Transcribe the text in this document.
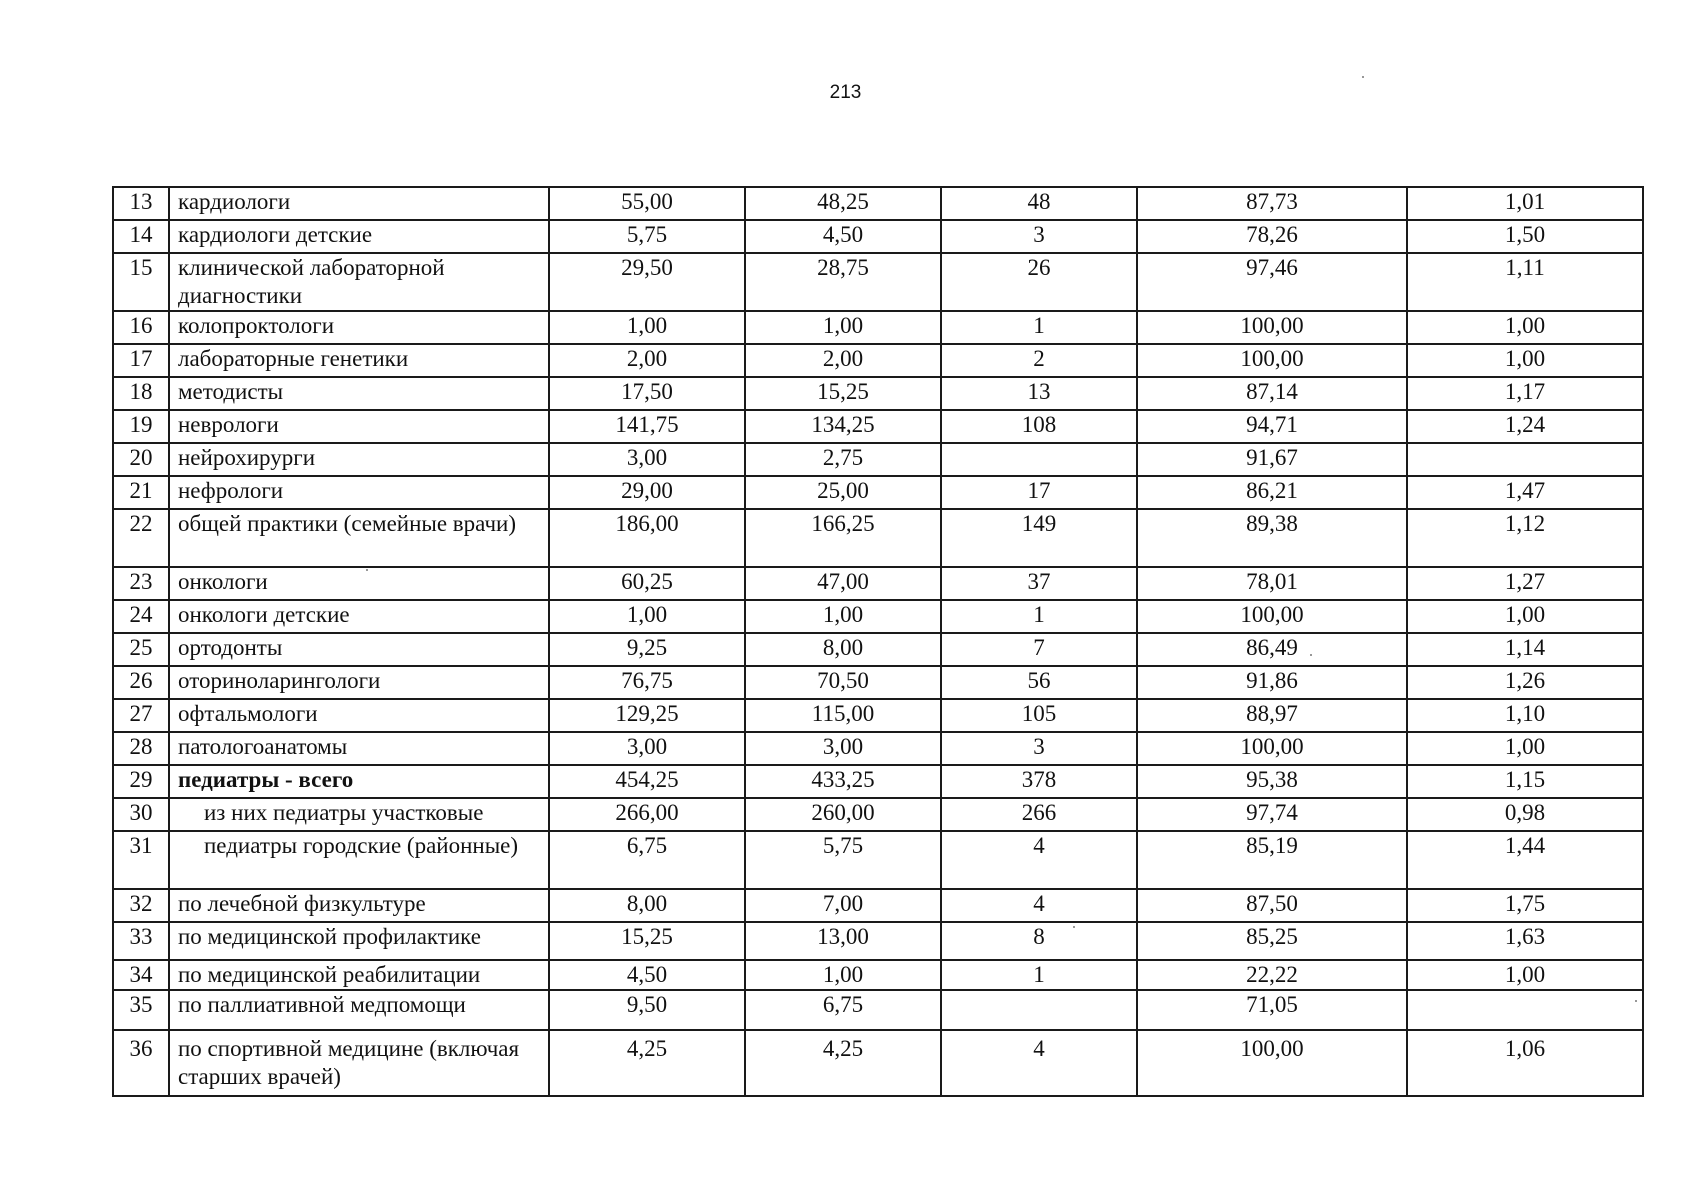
213
13	кардиологи	55,00	48,25	48	87,73	1,01
14	кардиологи детские	5,75	4,50	3	78,26	1,50
15	клинической лабораторной диагностики	29,50	28,75	26	97,46	1,11
16	колопроктологи	1,00	1,00	1	100,00	1,00
17	лабораторные генетики	2,00	2,00	2	100,00	1,00
18	методисты	17,50	15,25	13	87,14	1,17
19	неврологи	141,75	134,25	108	94,71	1,24
20	нейрохирурги	3,00	2,75		91,67	
21	нефрологи	29,00	25,00	17	86,21	1,47
22	общей практики (семейные врачи)	186,00	166,25	149	89,38	1,12
23	онкологи	60,25	47,00	37	78,01	1,27
24	онкологи детские	1,00	1,00	1	100,00	1,00
25	ортодонты	9,25	8,00	7	86,49	1,14
26	оториноларингологи	76,75	70,50	56	91,86	1,26
27	офтальмологи	129,25	115,00	105	88,97	1,10
28	патологоанатомы	3,00	3,00	3	100,00	1,00
29	педиатры - всего	454,25	433,25	378	95,38	1,15
30	из них педиатры участковые	266,00	260,00	266	97,74	0,98
31	педиатры городские (районные)	6,75	5,75	4	85,19	1,44
32	по лечебной физкультуре	8,00	7,00	4	87,50	1,75
33	по медицинской профилактике	15,25	13,00	8	85,25	1,63
34	по медицинской реабилитации	4,50	1,00	1	22,22	1,00
35	по паллиативной медпомощи	9,50	6,75		71,05	
36	по спортивной медицине (включая старших врачей)	4,25	4,25	4	100,00	1,06
